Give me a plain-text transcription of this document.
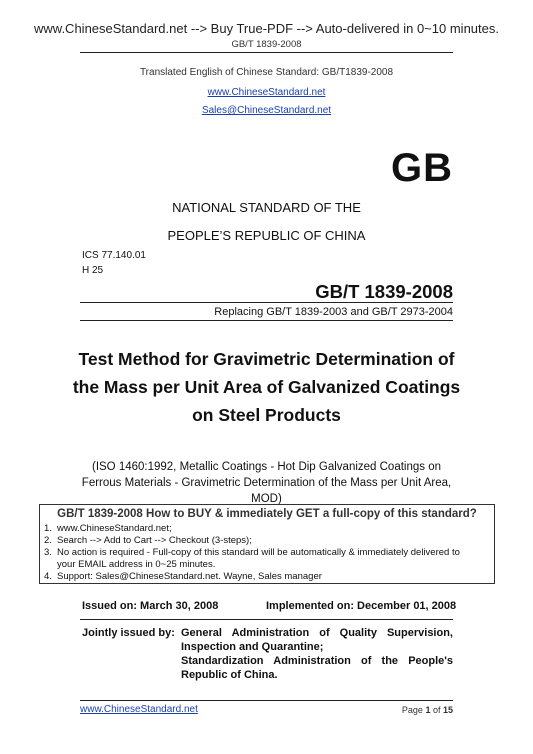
www.ChineseStandard.net --> Buy True-PDF --> Auto-delivered in 0~10 minutes.
GB/T 1839-2008
Translated English of Chinese Standard: GB/T1839-2008
www.ChineseStandard.net
Sales@ChineseStandard.net
GB
NATIONAL STANDARD OF THE
PEOPLE’S REPUBLIC OF CHINA
ICS 77.140.01
H 25
GB/T 1839-2008
Replacing GB/T 1839-2003 and GB/T 2973-2004
Test Method for Gravimetric Determination of
the Mass per Unit Area of Galvanized Coatings
on Steel Products
(ISO 1460:1992, Metallic Coatings - Hot Dip Galvanized Coatings on
Ferrous Materials - Gravimetric Determination of the Mass per Unit Area,
MOD)
GB/T 1839-2008 How to BUY & immediately GET a full-copy of this standard?
1. www.ChineseStandard.net;
2. Search --> Add to Cart --> Checkout (3-steps);
3. No action is required - Full-copy of this standard will be automatically & immediately delivered to
your EMAIL address in 0~25 minutes.
4. Support: Sales@ChineseStandard.net. Wayne, Sales manager
Issued on: March 30, 2008	Implemented on: December 01, 2008
Jointly issued by: General Administration of Quality Supervision,
Inspection and Quarantine;
Standardization Administration of the People's
Republic of China.
www.ChineseStandard.net	Page 1 of 15
